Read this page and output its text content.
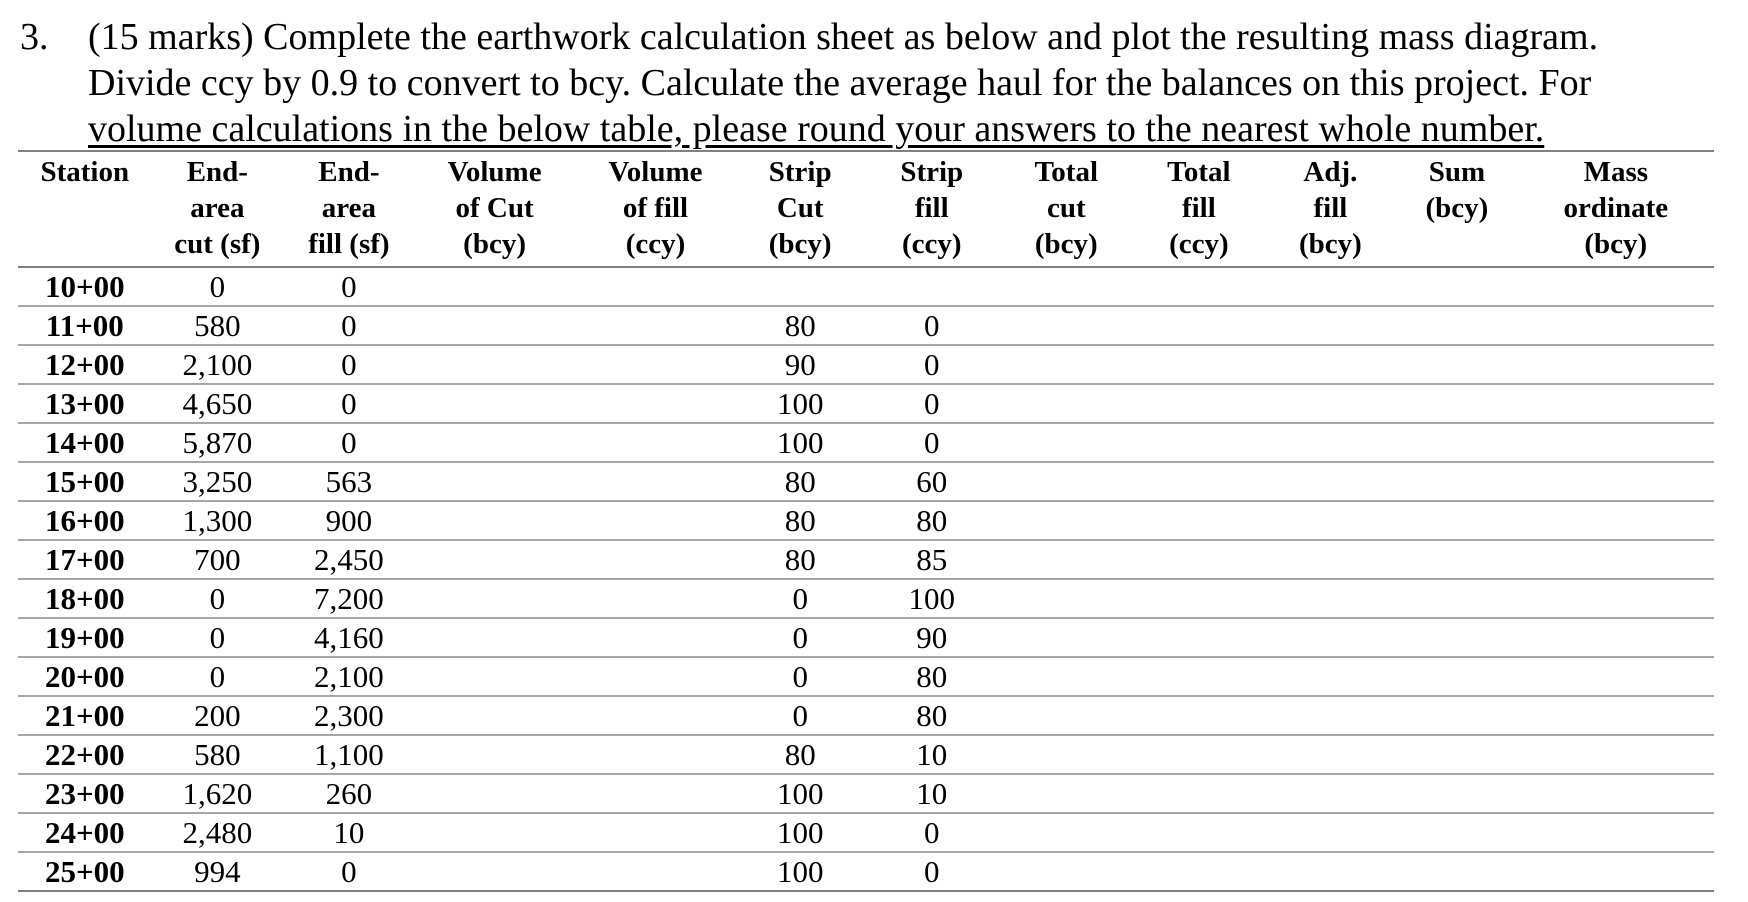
3. (15 marks) Complete the earthwork calculation sheet as below and plot the resulting mass diagram.
Divide ccy by 0.9 to convert to bcy. Calculate the average haul for the balances on this project. For
volume calculations in the below table, please round your answers to the nearest whole number.
Station	End-
area
cut (sf)	End-
area
fill (sf)	Volume
of Cut
(bcy)	Volume
of fill
(ccy)	Strip
Cut
(bcy)	Strip
fill
(ccy)	Total
cut
(bcy)	Total
fill
(ccy)	Adj.
fill
(bcy)	Sum
(bcy)	Mass
ordinate
(bcy)

10+00	0	0									
11+00	580	0			80	0					
12+00	2,100	0			90	0					
13+00	4,650	0			100	0					
14+00	5,870	0			100	0					
15+00	3,250	563			80	60					
16+00	1,300	900			80	80					
17+00	700	2,450			80	85					
18+00	0	7,200			0	100					
19+00	0	4,160			0	90					
20+00	0	2,100			0	80					
21+00	200	2,300			0	80					
22+00	580	1,100			80	10					
23+00	1,620	260			100	10					
24+00	2,480	10			100	0					
25+00	994	0			100	0					
